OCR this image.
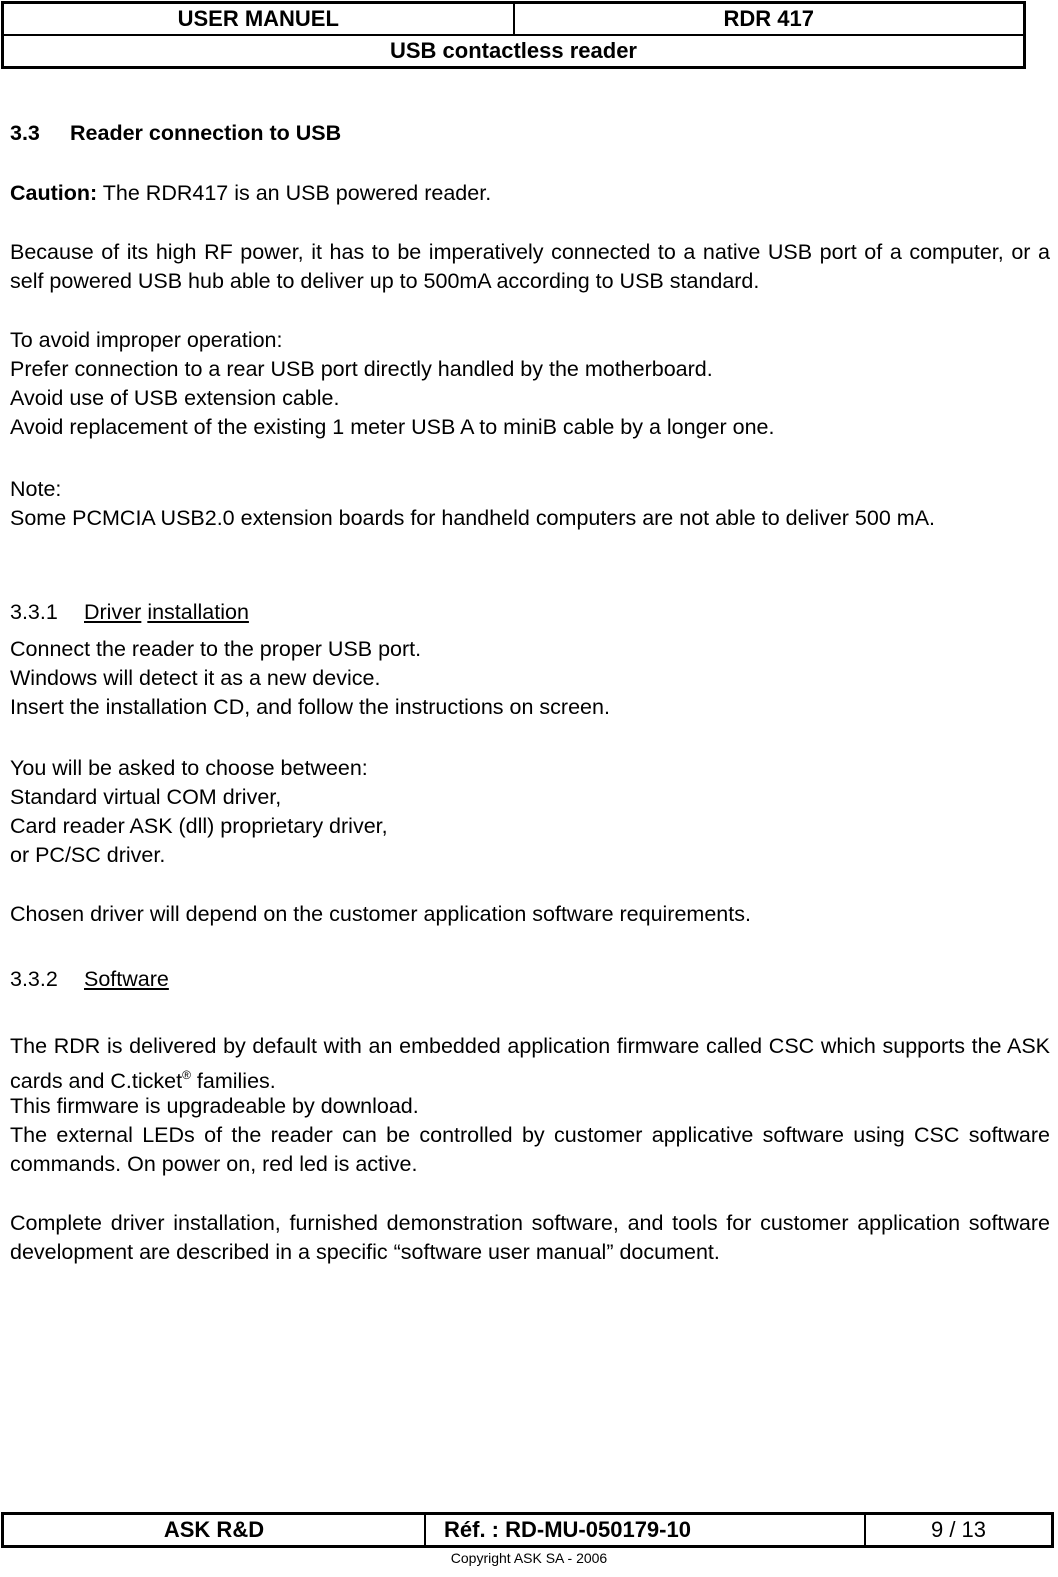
USER MANUEL	RDR 417
USB contactless reader
3.3 Reader connection to USB
Caution: The RDR417 is an USB powered reader.

Because of its high RF power, it has to be imperatively connected to a native USB port of a computer, or a self powered USB hub able to deliver up to 500mA according to USB standard.

To avoid improper operation:

Prefer connection to a rear USB port directly handled by the motherboard.

Avoid use of USB extension cable.

Avoid replacement of the existing 1 meter USB A to miniB cable by a longer one.

Note:

Some PCMCIA USB2.0 extension boards for handheld computers are not able to deliver 500 mA.

3.3.1 Driver installation

Connect the reader to the proper USB port.

Windows will detect it as a new device.

Insert the installation CD, and follow the instructions on screen.

You will be asked to choose between:

Standard virtual COM driver,

Card reader ASK (dll) proprietary driver,

or PC/SC driver.

Chosen driver will depend on the customer application software requirements.

3.3.2 Software
The RDR is delivered by default with an embedded application firmware called CSC which supports the ASK cards and C.ticket® families.

This firmware is upgradeable by download.

The external LEDs of the reader can be controlled by customer applicative software using CSC software commands. On power on, red led is active.

Complete driver installation, furnished demonstration software, and tools for customer application software development are described in a specific “software user manual” document.

ASK R&D	Réf. : RD-MU-050179-10	9 / 13
Copyright ASK SA - 2006
